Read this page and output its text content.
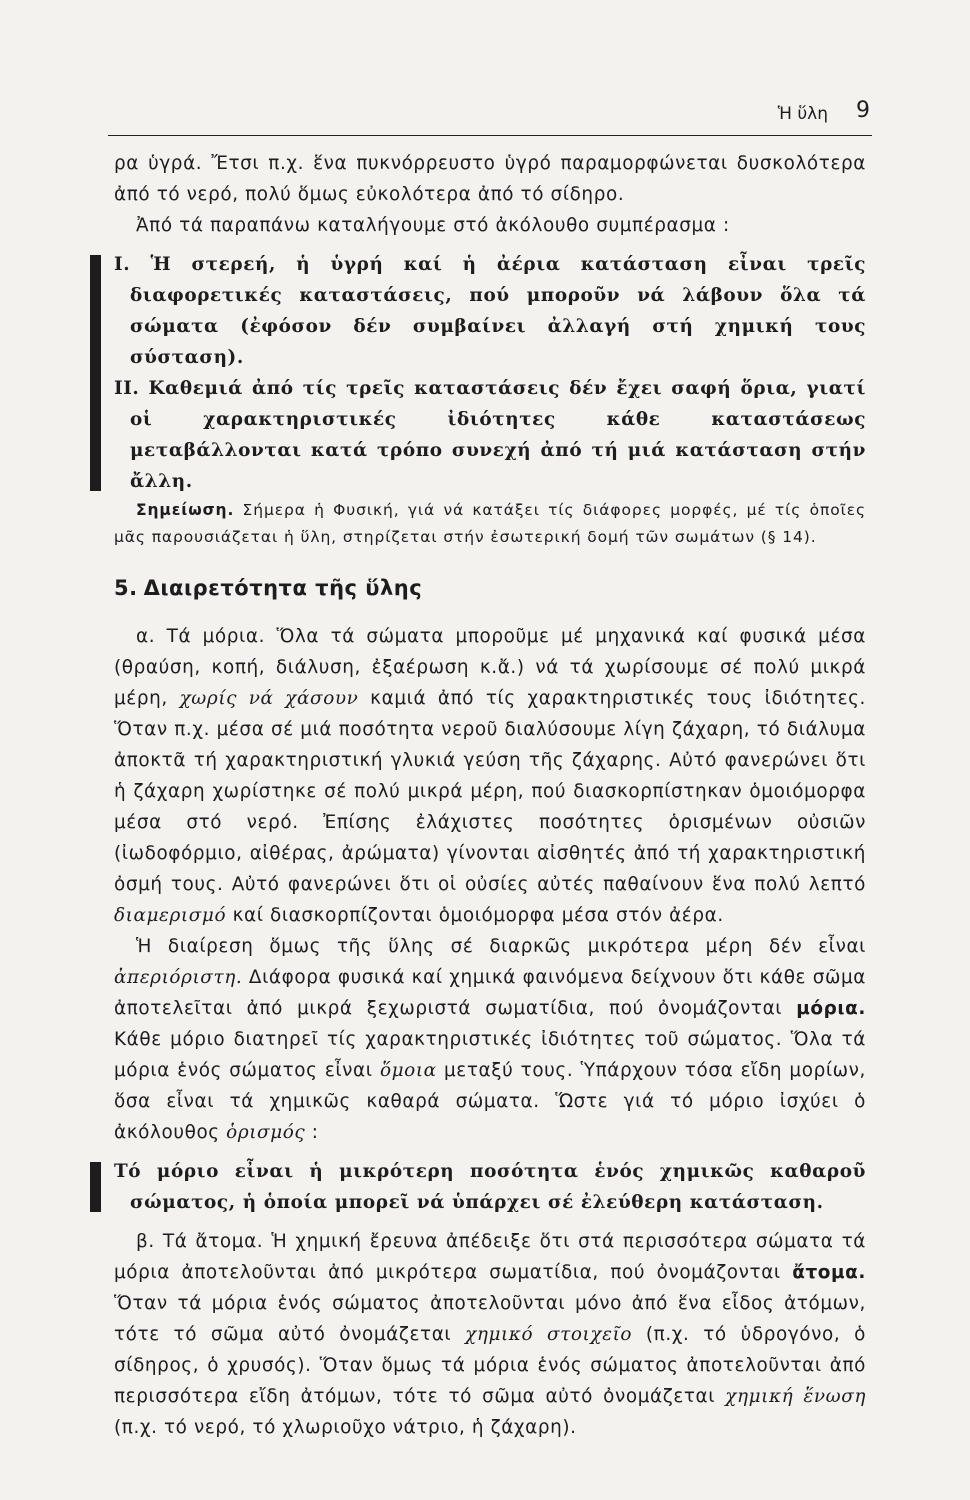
Ἡ ὕλη 9

ρα ὑγρά. Ἔτσι π.χ. ἕνα πυκνόρρευστο ὑγρό παραμορφώνεται δυσκολότερα ἀπό τό νερό, πολύ ὅμως εὐκολότερα ἀπό τό σίδηρο.

Ἀπό τά παραπάνω καταλήγουμε στό ἀκόλουθο συμπέρασμα :

I. Ἡ στερεή, ἡ ὑγρή καί ἡ ἀέρια κατάσταση εἶναι τρεῖς διαφορετικές καταστάσεις, πού μποροῦν νά λάβουν ὅλα τά σώματα (ἐφόσον δέν συμβαίνει ἀλλαγή στή χημική τους σύσταση).

II. Καθεμιά ἀπό τίς τρεῖς καταστάσεις δέν ἔχει σαφή ὅρια, γιατί οἱ χαρακτηριστικές ἰδιότητες κάθε καταστάσεως μεταβάλλονται κατά τρόπο συνεχή ἀπό τή μιά κατάσταση στήν ἄλλη.

Σημείωση. Σήμερα ἡ Φυσική, γιά νά κατάξει τίς διάφορες μορφές, μέ τίς ὁποῖες μᾶς παρουσιάζεται ἡ ὕλη, στηρίζεται στήν ἐσωτερική δομή τῶν σωμάτων (§ 14).

5. Διαιρετότητα τῆς ὕλης

α. Τά μόρια. Ὅλα τά σώματα μποροῦμε μέ μηχανικά καί φυσικά μέσα (θραύση, κοπή, διάλυση, ἐξαέρωση κ.ἄ.) νά τά χωρίσουμε σέ πολύ μικρά μέρη, χωρίς νά χάσουν καμιά ἀπό τίς χαρακτηριστικές τους ἰδιότητες. Ὅταν π.χ. μέσα σέ μιά ποσότητα νεροῦ διαλύσουμε λίγη ζάχαρη, τό διάλυμα ἀποκτᾶ τή χαρακτηριστική γλυκιά γεύση τῆς ζάχαρης. Αὐτό φανερώνει ὅτι ἡ ζάχαρη χωρίστηκε σέ πολύ μικρά μέρη, πού διασκορπίστηκαν ὁμοιόμορφα μέσα στό νερό. Ἐπίσης ἐλάχιστες ποσότητες ὁρισμένων οὐσιῶν (ἰωδοφόρμιο, αἰθέρας, ἀρώματα) γίνονται αἰσθητές ἀπό τή χαρακτηριστική ὀσμή τους. Αὐτό φανερώνει ὅτι οἱ οὐσίες αὐτές παθαίνουν ἕνα πολύ λεπτό διαμερισμό καί διασκορπίζονται ὁμοιόμορφα μέσα στόν ἀέρα.

Ἡ διαίρεση ὅμως τῆς ὕλης σέ διαρκῶς μικρότερα μέρη δέν εἶναι ἀπεριόριστη. Διάφορα φυσικά καί χημικά φαινόμενα δείχνουν ὅτι κάθε σῶμα ἀποτελεῖται ἀπό μικρά ξεχωριστά σωματίδια, πού ὀνομάζονται μόρια. Κάθε μόριο διατηρεῖ τίς χαρακτηριστικές ἰδιότητες τοῦ σώματος. Ὅλα τά μόρια ἑνός σώματος εἶναι ὅμοια μεταξύ τους. Ὑπάρχουν τόσα εἴδη μορίων, ὅσα εἶναι τά χημικῶς καθαρά σώματα. Ὥστε γιά τό μόριο ἰσχύει ὁ ἀκόλουθος ὁρισμός :

Τό μόριο εἶναι ἡ μικρότερη ποσότητα ἑνός χημικῶς καθαροῦ σώματος, ἡ ὁποία μπορεῖ νά ὑπάρχει σέ ἐλεύθερη κατάσταση.

β. Τά ἄτομα. Ἡ χημική ἔρευνα ἀπέδειξε ὅτι στά περισσότερα σώματα τά μόρια ἀποτελοῦνται ἀπό μικρότερα σωματίδια, πού ὀνομάζονται ἄτομα. Ὅταν τά μόρια ἑνός σώματος ἀποτελοῦνται μόνο ἀπό ἕνα εἶδος ἀτόμων, τότε τό σῶμα αὐτό ὀνομάζεται χημικό στοιχεῖο (π.χ. τό ὑδρογόνο, ὁ σίδηρος, ὁ χρυσός). Ὅταν ὅμως τά μόρια ἑνός σώματος ἀποτελοῦνται ἀπό περισσότερα εἴδη ἀτόμων, τότε τό σῶμα αὐτό ὀνομάζεται χημική ἕνωση (π.χ. τό νερό, τό χλωριοῦχο νάτριο, ἡ ζάχαρη).
